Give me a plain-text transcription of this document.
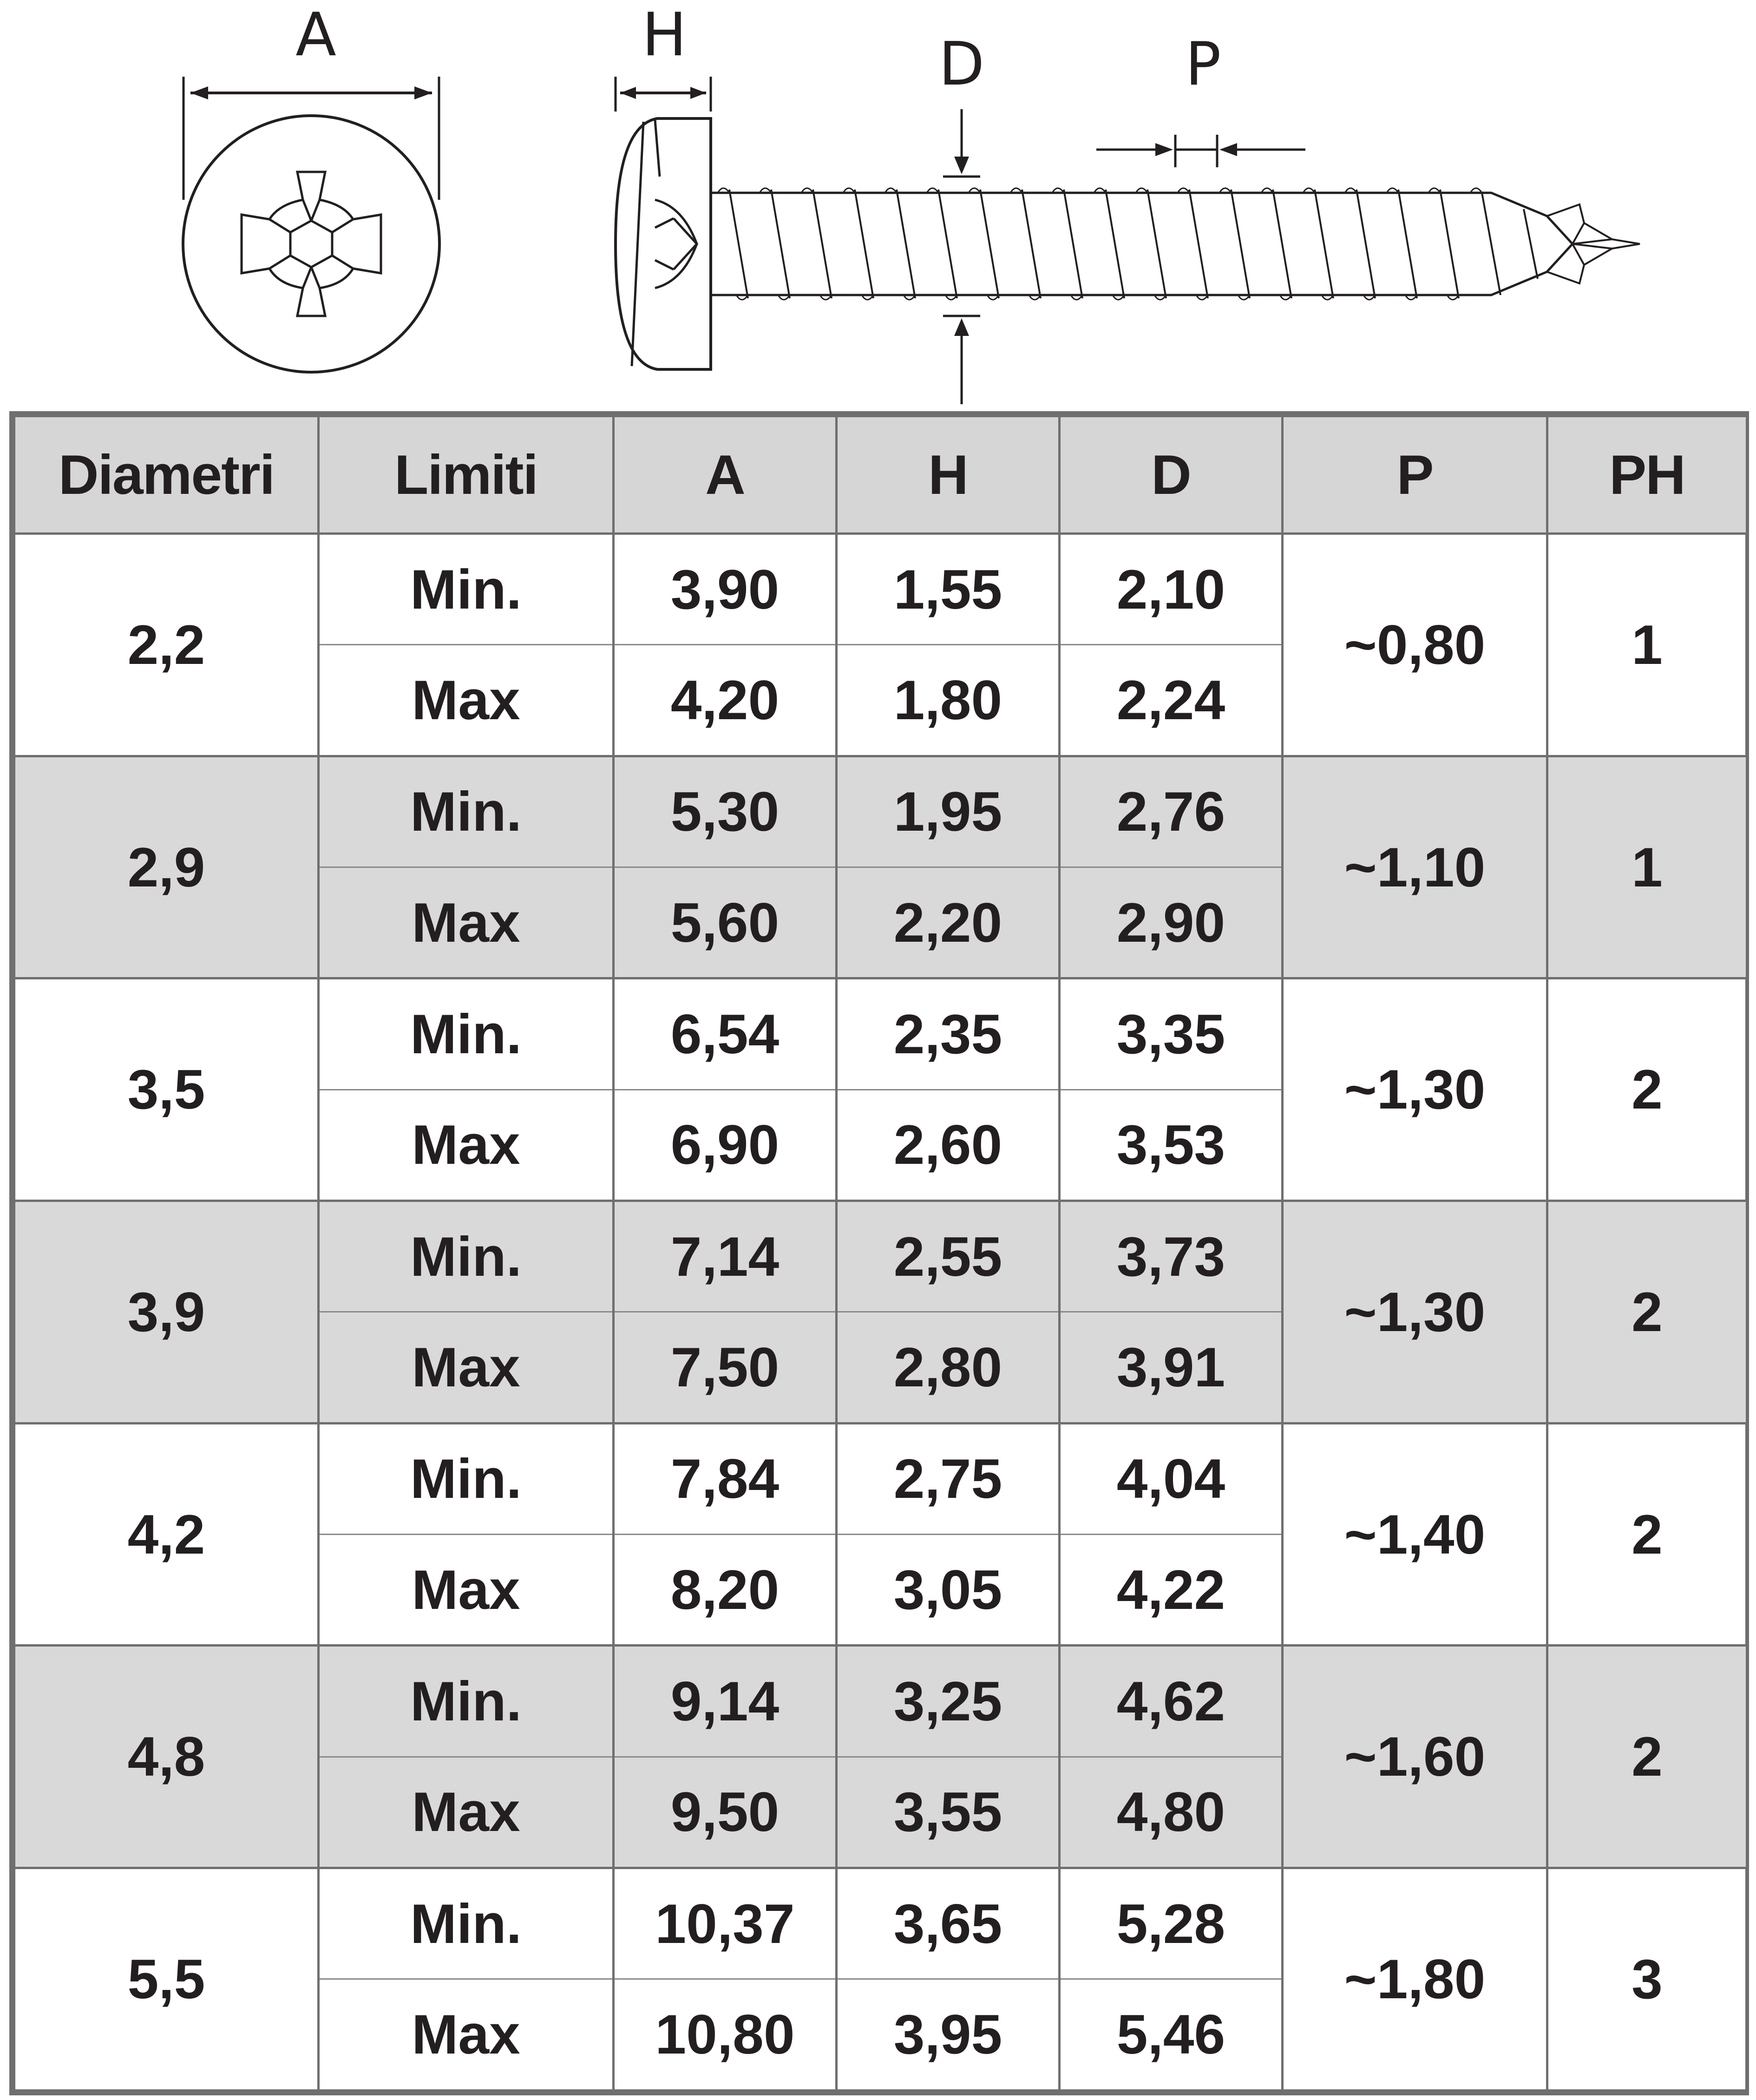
A	H	D	P
Diametri	Limiti	A	H	D	P	PH
2,2	Min.	3,90	1,55	2,10	~0,80	1
	Max	4,20	1,80	2,24		
2,9	Min.	5,30	1,95	2,76	~1,10	1
	Max	5,60	2,20	2,90		
3,5	Min.	6,54	2,35	3,35	~1,30	2
	Max	6,90	2,60	3,53		
3,9	Min.	7,14	2,55	3,73	~1,30	2
	Max	7,50	2,80	3,91		
4,2	Min.	7,84	2,75	4,04	~1,40	2
	Max	8,20	3,05	4,22		
4,8	Min.	9,14	3,25	4,62	~1,60	2
	Max	9,50	3,55	4,80		
5,5	Min.	10,37	3,65	5,28	~1,80	3
	Max	10,80	3,95	5,46		
